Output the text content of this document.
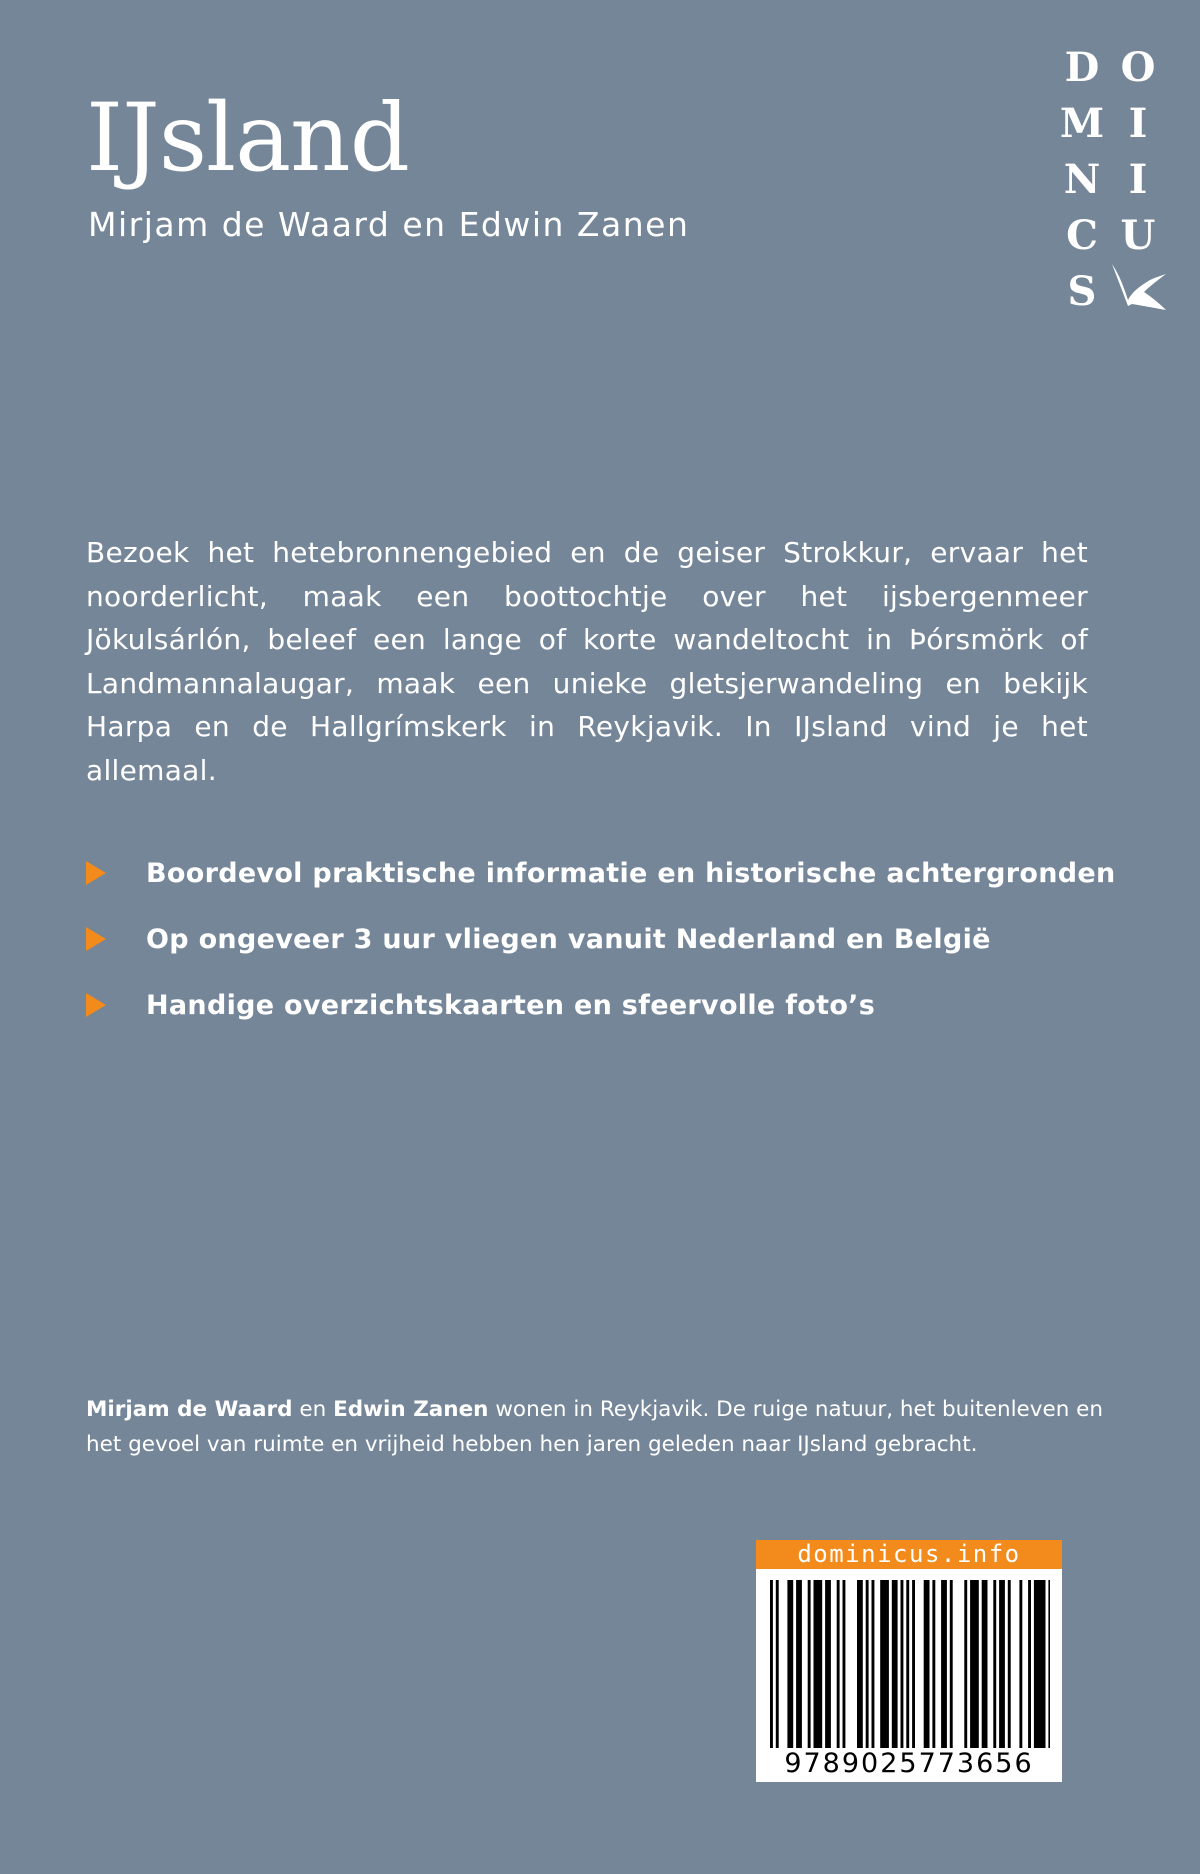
IJsland
Mirjam de Waard en Edwin Zanen
D O
M I
N I
C U
S

Bezoek het hetebronnengebied en de geiser Strokkur, ervaar het noorderlicht, maak een boottochtje over het ijsbergenmeer Jökulsárlón, beleef een lange of korte wandeltocht in Þórsmörk of Landmannalaugar, maak een unieke gletsjerwandeling en bekijk Harpa en de Hallgrímskerk in Reykjavik. In IJsland vind je het allemaal.

Boordevol praktische informatie en historische achtergronden
Op ongeveer 3 uur vliegen vanuit Nederland en België
Handige overzichtskaarten en sfeervolle foto’s

Mirjam de Waard en Edwin Zanen wonen in Reykjavik. De ruige natuur, het buitenleven en het gevoel van ruimte en vrijheid hebben hen jaren geleden naar IJsland gebracht.

dominicus.info
9789025773656
